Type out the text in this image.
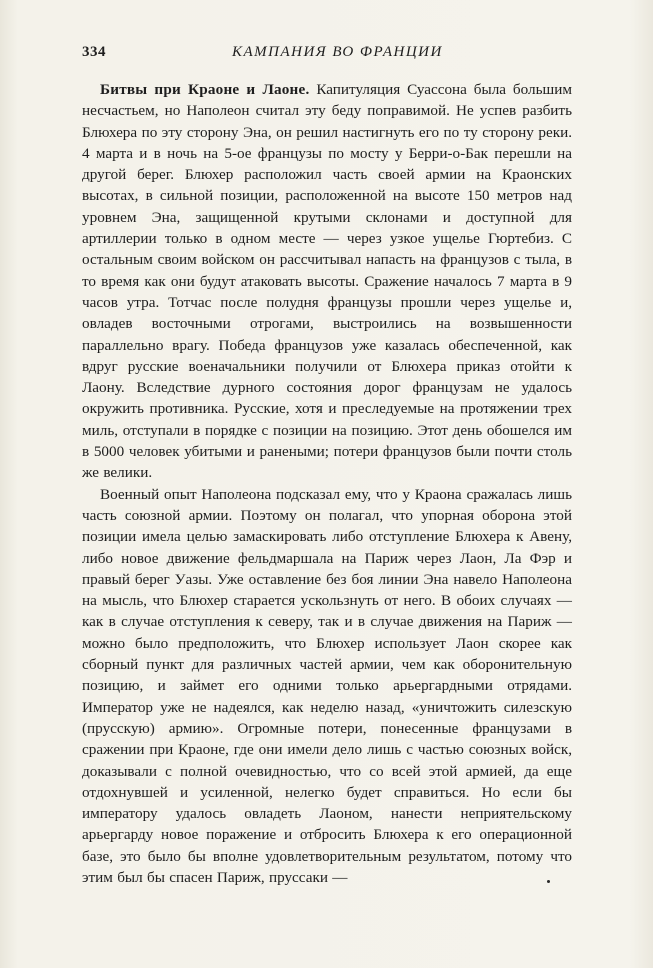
334	КАМПАНИЯ ВО ФРАНЦИИ

Битвы при Краоне и Лаоне. Капитуляция Суассона была большим несчастьем, но Наполеон считал эту беду поправимой. Не успев разбить Блюхера по эту сторону Эна, он решил настигнуть его по ту сторону реки. 4 марта и в ночь на 5-ое французы по мосту у Берри-о-Бак перешли на другой берег. Блюхер расположил часть своей армии на Краонских высотах, в сильной позиции, расположенной на высоте 150 метров над уровнем Эна, защищенной крутыми склонами и доступной для артиллерии только в одном месте — через узкое ущелье Гюртебиз. С остальным своим войском он рассчитывал напасть на французов с тыла, в то время как они будут атаковать высоты. Сражение началось 7 марта в 9 часов утра. Тотчас после полудня французы прошли через ущелье и, овладев восточными отрогами, выстроились на возвышенности параллельно врагу. Победа французов уже казалась обеспеченной, как вдруг русские военачальники получили от Блюхера приказ отойти к Лаону. Вследствие дурного состояния дорог французам не удалось окружить противника. Русские, хотя и преследуемые на протяжении трех миль, отступали в порядке с позиции на позицию. Этот день обошелся им в 5000 человек убитыми и ранеными; потери французов были почти столь же велики.

Военный опыт Наполеона подсказал ему, что у Краона сражалась лишь часть союзной армии. Поэтому он полагал, что упорная оборона этой позиции имела целью замаскировать либо отступление Блюхера к Авену, либо новое движение фельдмаршала на Париж через Лаон, Ла Фэр и правый берег Уазы. Уже оставление без боя линии Эна навело Наполеона на мысль, что Блюхер старается ускользнуть от него. В обоих случаях — как в случае отступления к северу, так и в случае движения на Париж — можно было предположить, что Блюхер использует Лаон скорее как сборный пункт для различных частей армии, чем как оборонительную позицию, и займет его одними только арьергардными отрядами. Император уже не надеялся, как неделю назад, «уничтожить силезскую (прусскую) армию». Огромные потери, понесенные французами в сражении при Краоне, где они имели дело лишь с частью союзных войск, доказывали с полной очевидностью, что со всей этой армией, да еще отдохнувшей и усиленной, нелегко будет справиться. Но если бы императору удалось овладеть Лаоном, нанести неприятельскому арьергарду новое поражение и отбросить Блюхера к его операционной базе, это было бы вполне удовлетворительным результатом, потому что этим был бы спасен Париж, пруссаки —
